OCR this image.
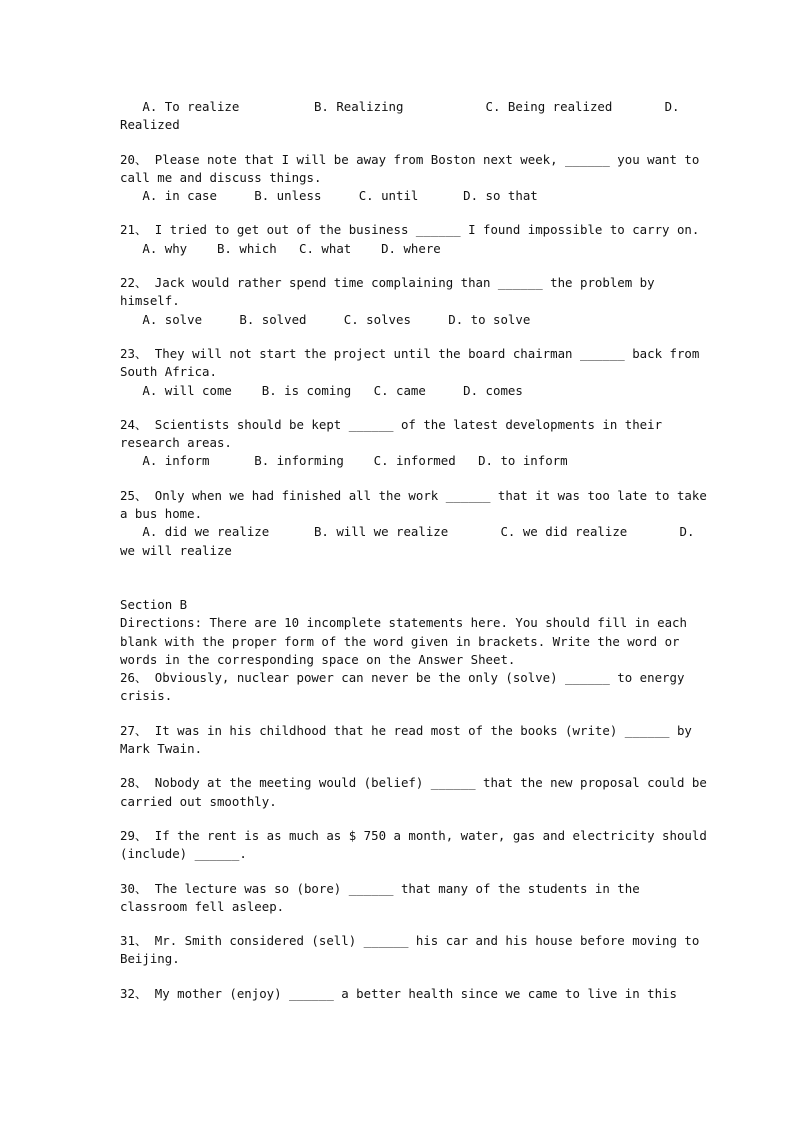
A. To realize          B. Realizing           C. Being realized       D.

Realized

20、 Please note that I will be away from Boston next week, ______ you want to

call me and discuss things.

A. in case     B. unless     C. until      D. so that

21、 I tried to get out of the business ______ I found impossible to carry on.

A. why    B. which   C. what    D. where

22、 Jack would rather spend time complaining than ______ the problem by

himself.

A. solve     B. solved     C. solves     D. to solve

23、 They will not start the project until the board chairman ______ back from

South Africa.

A. will come    B. is coming   C. came     D. comes

24、 Scientists should be kept ______ of the latest developments in their

research areas.

A. inform      B. informing    C. informed   D. to inform

25、 Only when we had finished all the work ______ that it was too late to take

a bus home.

A. did we realize      B. will we realize       C. we did realize       D.

we will realize

Section B

Directions: There are 10 incomplete statements here. You should fill in each

blank with the proper form of the word given in brackets. Write the word or

words in the corresponding space on the Answer Sheet.

26、 Obviously, nuclear power can never be the only (solve) ______ to energy

crisis.

27、 It was in his childhood that he read most of the books (write) ______ by

Mark Twain.

28、 Nobody at the meeting would (belief) ______ that the new proposal could be

carried out smoothly.

29、 If the rent is as much as $ 750 a month, water, gas and electricity should

(include) ______.

30、 The lecture was so (bore) ______ that many of the students in the

classroom fell asleep.

31、 Mr. Smith considered (sell) ______ his car and his house before moving to

Beijing.

32、 My mother (enjoy) ______ a better health since we came to live in this
